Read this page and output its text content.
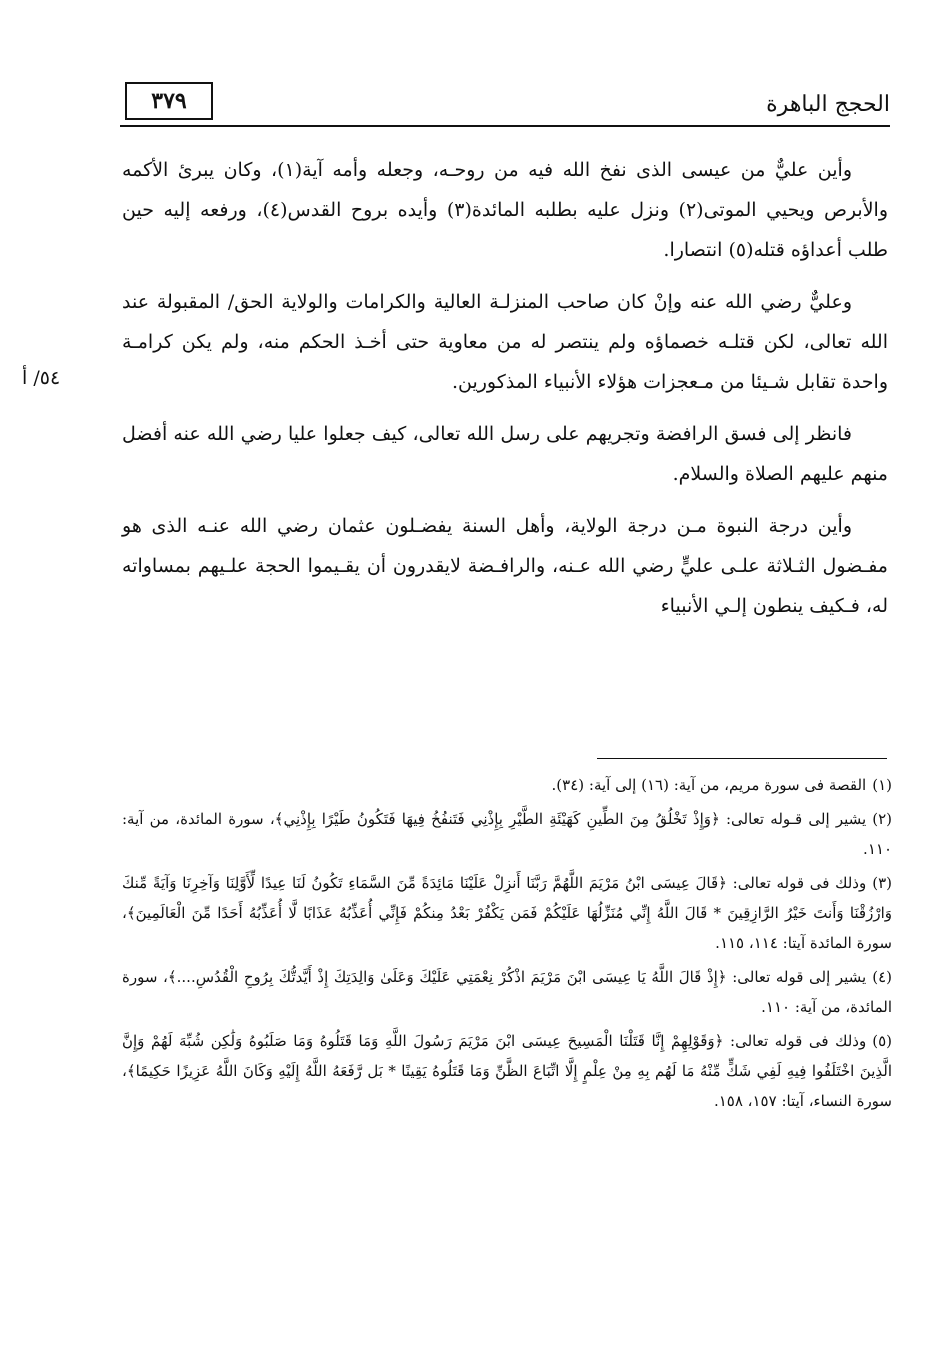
الحجج الباهرة
٣٧٩
٥٤/ أ

وأين عليٌّ من عيسى الذى نفخ الله فيه من روحـه، وجعله وأمه آية(١)، وكان يبرئ الأكمه والأبرص ويحيي الموتى(٢) ونزل عليه بطلبه المائدة(٣) وأيده بروح القدس(٤)، ورفعه إليه حين طلب أعداؤه قتله(٥) انتصارا.

وعليٌّ رضي الله عنه وإنْ كان صاحب المنزلـة العالية والكرامات والولاية الحق/ المقبولة عند الله تعالى، لكن قتلـه خصماؤه ولم ينتصر له من معاوية حتى أخـذ الحكم منه، ولم يكن كرامـة واحدة تقابل شـيئا من مـعجزات هؤلاء الأنبياء المذكورين.

فانظر إلى فسق الرافضة وتجريهم على رسل الله تعالى، كيف جعلوا عليا رضي الله عنه أفضل منهم عليهم الصلاة والسلام.

وأين درجة النبوة مـن درجة الولاية، وأهل السنة يفضـلون عثمان رضي الله عنـه الذى هو مفـضول الثـلاثة علـى عليٍّ رضي الله عـنه، والرافـضة لايقدرون أن يقـيموا الحجة علـيهم بمساواته له، فـكيف ينطون إلـي الأنبياء

(١)القصة فى سورة مريم، من آية: (١٦) إلى آية: (٣٤).
(٢)يشير إلى قـوله تعالى: ﴿وَإِذْ تَخْلُقُ مِنَ الطِّينِ كَهَيْئَةِ الطَّيْرِ بِإِذْنِي فَتَنفُخُ فِيهَا فَتَكُونُ طَيْرًا بِإِذْنِي﴾، سورة المائدة، من آية: ١١٠.
(٣)وذلك فى قوله تعالى: ﴿قَالَ عِيسَى ابْنُ مَرْيَمَ اللَّهُمَّ رَبَّنَا أَنزِلْ عَلَيْنَا مَائِدَةً مِّنَ السَّمَاءِ تَكُونُ لَنَا عِيدًا لِّأَوَّلِنَا وَآخِرِنَا وَآيَةً مِّنكَ وَارْزُقْنَا وَأَنتَ خَيْرُ الرَّازِقِينَ * قَالَ اللَّهُ إِنِّي مُنَزِّلُهَا عَلَيْكُمْ فَمَن يَكْفُرْ بَعْدُ مِنكُمْ فَإِنِّي أُعَذِّبُهُ عَذَابًا لَّا أُعَذِّبُهُ أَحَدًا مِّنَ الْعَالَمِينَ﴾، سورة المائدة آيتا: ١١٤، ١١٥.
(٤)يشير إلى قوله تعالى: ﴿إِذْ قَالَ اللَّهُ يَا عِيسَى ابْنَ مَرْيَمَ اذْكُرْ نِعْمَتِي عَلَيْكَ وَعَلَىٰ وَالِدَتِكَ إِذْ أَيَّدتُّكَ بِرُوحِ الْقُدُسِ....﴾، سورة المائدة، من آية: ١١٠.
(٥)وذلك فى قوله تعالى: ﴿وَقَوْلِهِمْ إِنَّا قَتَلْنَا الْمَسِيحَ عِيسَى ابْنَ مَرْيَمَ رَسُولَ اللَّهِ وَمَا قَتَلُوهُ وَمَا صَلَبُوهُ وَلَٰكِن شُبِّهَ لَهُمْ وَإِنَّ الَّذِينَ اخْتَلَفُوا فِيهِ لَفِي شَكٍّ مِّنْهُ مَا لَهُم بِهِ مِنْ عِلْمٍ إِلَّا اتِّبَاعَ الظَّنِّ وَمَا قَتَلُوهُ يَقِينًا * بَل رَّفَعَهُ اللَّهُ إِلَيْهِ وَكَانَ اللَّهُ عَزِيزًا حَكِيمًا﴾، سورة النساء، آيتا: ١٥٧، ١٥٨.
